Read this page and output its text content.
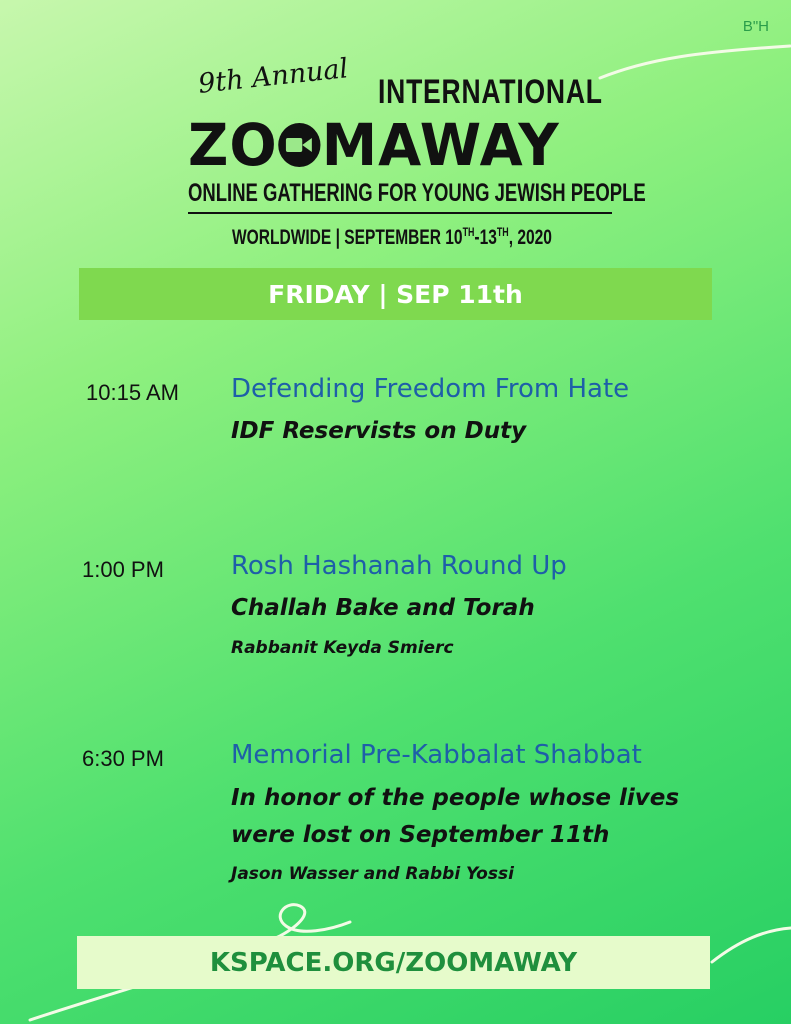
B"H
9th Annual INTERNATIONAL
ZO MAWAY
ONLINE GATHERING FOR YOUNG JEWISH PEOPLE
WORLDWIDE | SEPTEMBER 10TH-13TH, 2020
FRIDAY | SEP 11th
10:15 AM Defending Freedom From Hate
IDF Reservists on Duty
1:00 PM	Rosh Hashanah Round Up
Challah Bake and Torah
Rabbanit Keyda Smierc
6:30 PM	Memorial Pre-Kabbalat Shabbat
In honor of the people whose lives
were lost on September 11th
Jason Wasser and Rabbi Yossi
KSPACE.ORG/ZOOMAWAY
